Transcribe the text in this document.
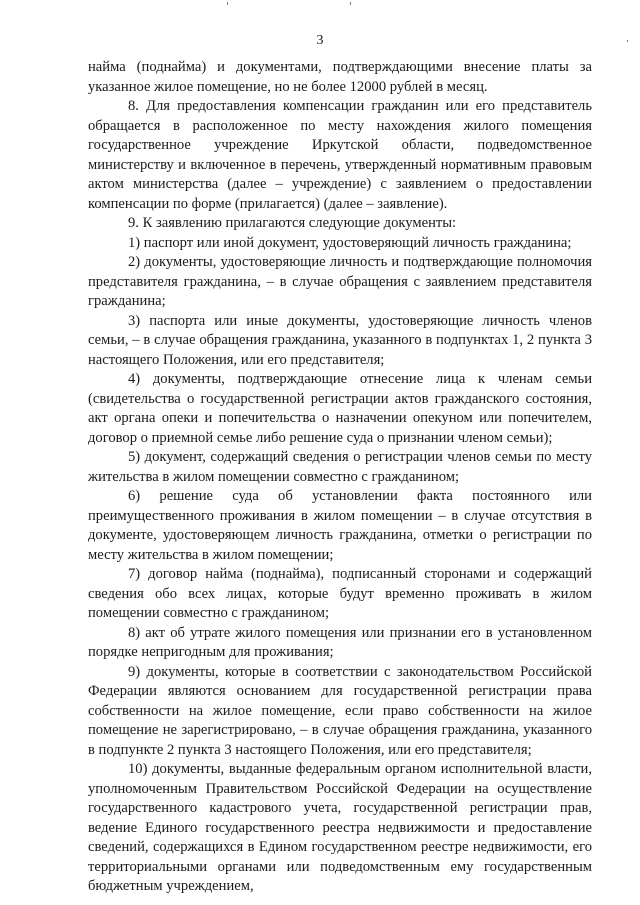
3

найма (поднайма) и документами, подтверждающими внесение платы за указанное жилое помещение, но не более 12000 рублей в месяц.

8. Для предоставления компенсации гражданин или его представитель обращается в расположенное по месту нахождения жилого помещения государственное учреждение Иркутской области, подведомственное министерству и включенное в перечень, утвержденный нормативным правовым актом министерства (далее – учреждение) с заявлением о предоставлении компенсации по форме (прилагается) (далее – заявление).

9. К заявлению прилагаются следующие документы:

1) паспорт или иной документ, удостоверяющий личность гражданина;

2) документы, удостоверяющие личность и подтверждающие полномочия представителя гражданина, – в случае обращения с заявлением представителя гражданина;

3) паспорта или иные документы, удостоверяющие личность членов семьи, – в случае обращения гражданина, указанного в подпунктах 1, 2 пункта 3 настоящего Положения, или его представителя;

4) документы, подтверждающие отнесение лица к членам семьи (свидетельства о государственной регистрации актов гражданского состояния, акт органа опеки и попечительства о назначении опекуном или попечителем, договор о приемной семье либо решение суда о признании членом семьи);

5) документ, содержащий сведения о регистрации членов семьи по месту жительства в жилом помещении совместно с гражданином;

6) решение суда об установлении факта постоянного или преимущественного проживания в жилом помещении – в случае отсутствия в документе, удостоверяющем личность гражданина, отметки о регистрации по месту жительства в жилом помещении;

7) договор найма (поднайма), подписанный сторонами и содержащий сведения обо всех лицах, которые будут временно проживать в жилом помещении совместно с гражданином;

8) акт об утрате жилого помещения или признании его в установленном порядке непригодным для проживания;

9) документы, которые в соответствии с законодательством Российской Федерации являются основанием для государственной регистрации права собственности на жилое помещение, если право собственности на жилое помещение не зарегистрировано, – в случае обращения гражданина, указанного в подпункте 2 пункта 3 настоящего Положения, или его представителя;

10) документы, выданные федеральным органом исполнительной власти, уполномоченным Правительством Российской Федерации на осуществление государственного кадастрового учета, государственной регистрации прав, ведение Единого государственного реестра недвижимости и предоставление сведений, содержащихся в Едином государственном реестре недвижимости, его территориальными органами или подведомственным ему государственным бюджетным учреждением,
